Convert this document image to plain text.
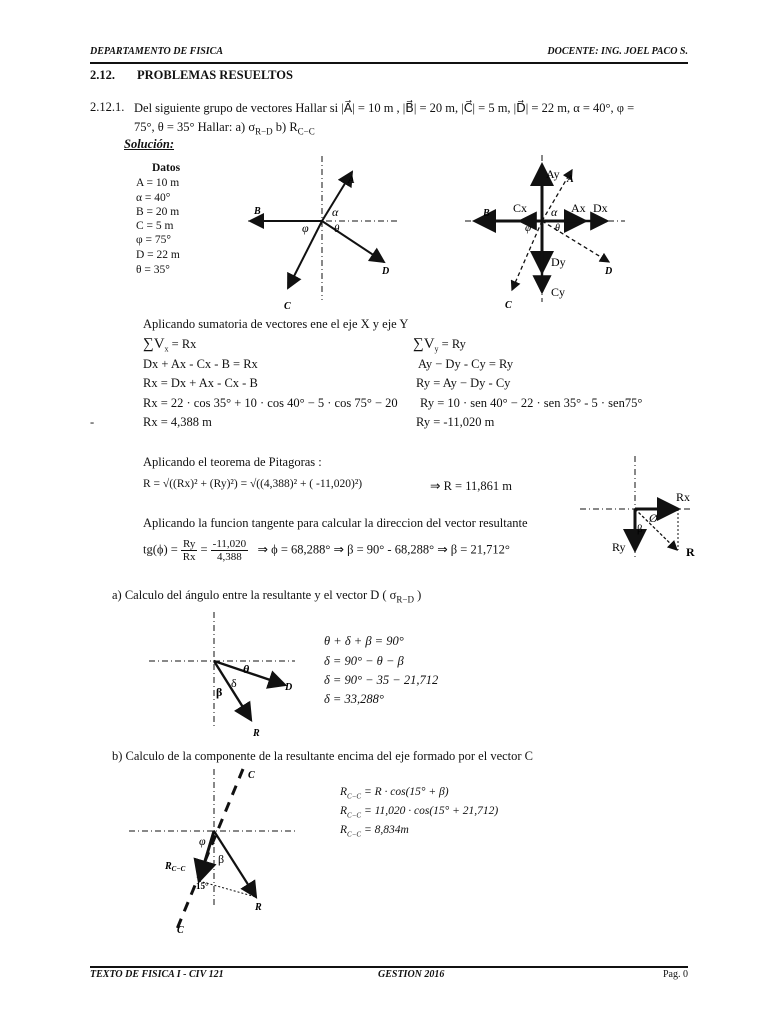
DEPARTAMENTO DE FISICA	DOCENTE: ING. JOEL PACO S.
2.12. PROBLEMAS RESUELTOS
2.12.1. Del siguiente grupo de vectores Hallar si |A⃗| = 10 m , |B⃗| = 20 m, |C⃗| = 5 m, |D⃗| = 22 m, α = 40°, φ =
75°, θ = 35° Hallar: a) $\sigma_{R-D}$ b) $R_{C-C}$
Solución:
Datos
A = 10 m
α = 40°
B = 20 m
C = 5 m
φ = 75°
D = 22 m
θ = 35°
A
B
C
D
α
φ θ
Ay A
B Cx	Ax Dx
α
φ θ
Dy
D
Cy
C
Aplicando sumatoria de vectores ene el eje X y eje Y
$\sum V_x = Rx$	$\sum V_y = Ry$
Dx + Ax - Cx - B = Rx
Rx = Dx + Ax - Cx - B
Rx = 22 · cos 35° + 10 · cos 40° − 5 · cos 75° − 20
Rx = 4,388 m
Ay − Dy - Cy = Ry
Ry = Ay − Dy - Cy
Ry = 10 · sen 40° − 22 · sen 35° - 5 · sen75°
Ry = -11,020 m
-
Aplicando el teorema de Pitagoras :
R = √((Rx)² + (Ry)²) = √((4,388)² + ( -11,020)²)	⇒ R = 11,861 m
Aplicando la funcion tangente para calcular la direccion del vector resultante
$tg(\phi) = \frac{Ry}{Rx} = \frac{-11,020}{4,388}$ ⇒ ϕ = 68,288° ⇒ β = 90° - 68,288° ⇒ β = 21,712°
Rx
Ry	R
Ø
β
a) Calculo del ángulo entre la resultante y el vector D ( $\sigma_{R-D}$ )
θ
δ
β	D
R
θ + δ + β = 90°
δ = 90° − θ − β
δ = 90° − 35 − 21,712
δ = 33,288°
b) Calculo de la componente de la resultante encima del eje formado por el vector C
$R_{C-C} = R \cdot \cos(15^\circ + \beta)$
$R_{C-C} = 11,020 \cdot \cos(15^\circ + 21,712)$
$R_{C-C} = 8,834m$
C
C
φ
β
$R_{C-C}$
15°
R
TEXTO DE FISICA I - CIV 121	GESTION 2016	Pag. 0
